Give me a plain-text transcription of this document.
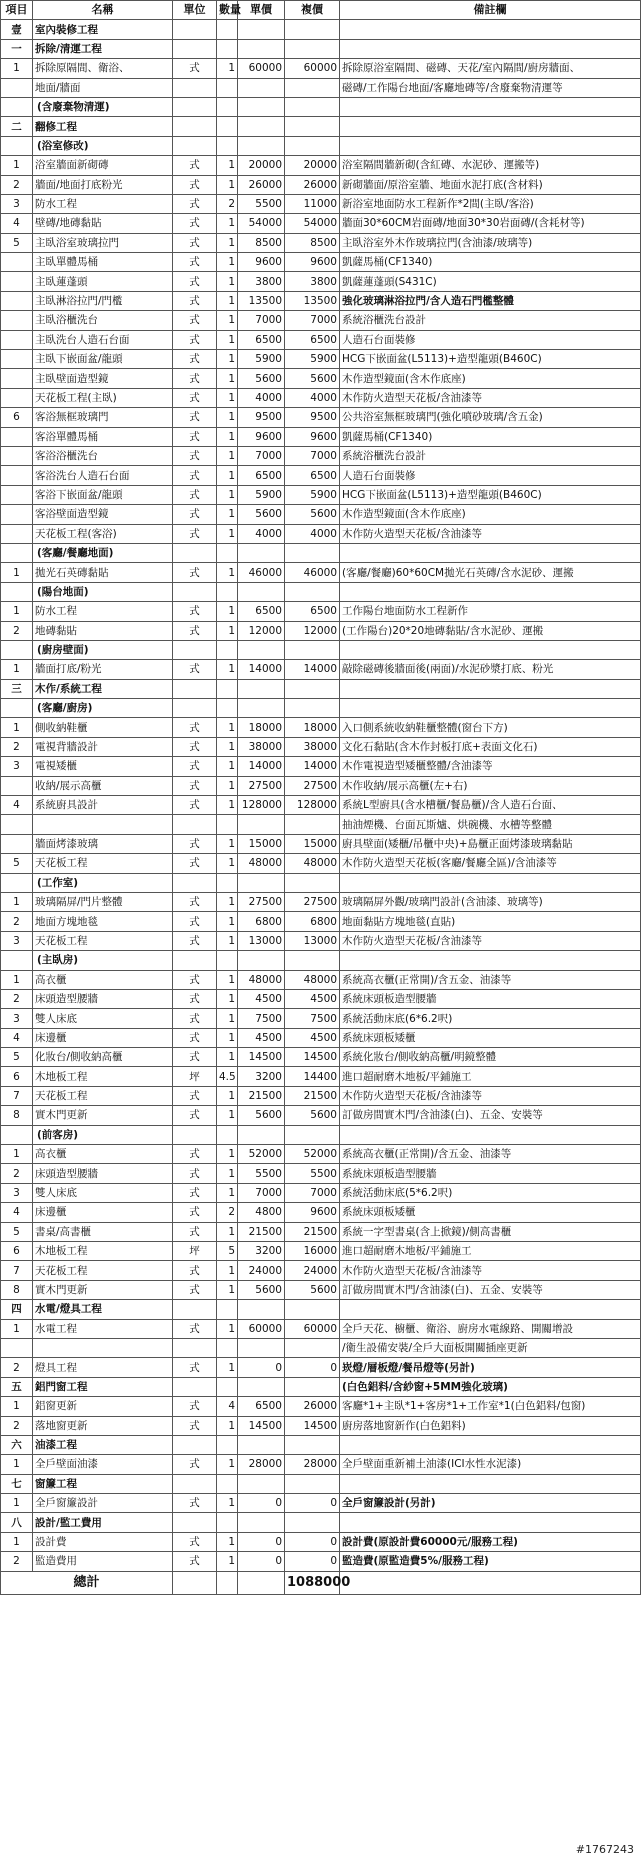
項目	名稱	單位	數量	單價	複價	備註欄
壹	室內裝修工程					
一	拆除/清運工程					
1	拆除原隔間、衛浴、	式	1	60000	60000	拆除原浴室隔間、磁磚、天花/室內隔間/廚房牆面、
	地面/牆面					磁磚/工作陽台地面/客廳地磚等/含廢棄物清運等
	(含廢棄物清運)					
二	翻修工程					
	(浴室修改)					
1	浴室牆面新砌磚	式	1	20000	20000	浴室隔間牆新砌(含紅磚、水泥砂、運搬等)
2	牆面/地面打底粉光	式	1	26000	26000	新砌牆面/原浴室牆、地面水泥打底(含材料)
3	防水工程	式	2	5500	11000	新浴室地面防水工程新作*2間(主臥/客浴)
4	壁磚/地磚黏貼	式	1	54000	54000	牆面30*60CM岩面磚/地面30*30岩面磚/(含耗材等)
5	主臥浴室玻璃拉門	式	1	8500	8500	主臥浴室外木作玻璃拉門(含油漆/玻璃等)
	主臥單體馬桶	式	1	9600	9600	凱薩馬桶(CF1340)
	主臥蓮蓬頭	式	1	3800	3800	凱薩蓮蓬頭(S431C)
	主臥淋浴拉門/門檻	式	1	13500	13500	強化玻璃淋浴拉門/含人造石門檻整體
	主臥浴櫃洗台	式	1	7000	7000	系統浴櫃洗台設計
	主臥洗台人造石台面	式	1	6500	6500	人造石台面裝修
	主臥下嵌面盆/龍頭	式	1	5900	5900	HCG下嵌面盆(L5113)+造型龍頭(B460C)
	主臥壁面造型鏡	式	1	5600	5600	木作造型鏡面(含木作底座)
	天花板工程(主臥)	式	1	4000	4000	木作防火造型天花板/含油漆等
6	客浴無框玻璃門	式	1	9500	9500	公共浴室無框玻璃門(強化噴砂玻璃/含五金)
	客浴單體馬桶	式	1	9600	9600	凱薩馬桶(CF1340)
	客浴浴櫃洗台	式	1	7000	7000	系統浴櫃洗台設計
	客浴洗台人造石台面	式	1	6500	6500	人造石台面裝修
	客浴下嵌面盆/龍頭	式	1	5900	5900	HCG下嵌面盆(L5113)+造型龍頭(B460C)
	客浴壁面造型鏡	式	1	5600	5600	木作造型鏡面(含木作底座)
	天花板工程(客浴)	式	1	4000	4000	木作防火造型天花板/含油漆等
	(客廳/餐廳地面)					
1	拋光石英磚黏貼	式	1	46000	46000	(客廳/餐廳)60*60CM拋光石英磚/含水泥砂、運搬
	(陽台地面)					
1	防水工程	式	1	6500	6500	工作陽台地面防水工程新作
2	地磚黏貼	式	1	12000	12000	(工作陽台)20*20地磚黏貼/含水泥砂、運搬
	(廚房壁面)					
1	牆面打底/粉光	式	1	14000	14000	敲除磁磚後牆面後(兩面)/水泥砂漿打底、粉光
三	木作/系統工程					
	(客廳/廚房)					
1	側收納鞋櫃	式	1	18000	18000	入口側系統收納鞋櫃整體(窗台下方)
2	電視背牆設計	式	1	38000	38000	文化石黏貼(含木作封板打底+表面文化石)
3	電視矮櫃	式	1	14000	14000	木作電視造型矮櫃整體/含油漆等
	收納/展示高櫃	式	1	27500	27500	木作收納/展示高櫃(左+右)
4	系統廚具設計	式	1	128000	128000	系統L型廚具(含水槽櫃/餐島櫃)/含人造石台面、
						抽油煙機、台面瓦斯爐、烘碗機、水槽等整體
	牆面烤漆玻璃	式	1	15000	15000	廚具壁面(矮櫃/吊櫃中央)+島櫃正面烤漆玻璃黏貼
5	天花板工程	式	1	48000	48000	木作防火造型天花板(客廳/餐廳全區)/含油漆等
	(工作室)					
1	玻璃隔屏/門片整體	式	1	27500	27500	玻璃隔屏外觀/玻璃門設計(含油漆、玻璃等)
2	地面方塊地毯	式	1	6800	6800	地面黏貼方塊地毯(直貼)
3	天花板工程	式	1	13000	13000	木作防火造型天花板/含油漆等
	(主臥房)					
1	高衣櫃	式	1	48000	48000	系統高衣櫃(正常開)/含五金、油漆等
2	床頭造型腰牆	式	1	4500	4500	系統床頭板造型腰牆
3	雙人床底	式	1	7500	7500	系統活動床底(6*6.2呎)
4	床邊櫃	式	1	4500	4500	系統床頭板矮櫃
5	化妝台/側收納高櫃	式	1	14500	14500	系統化妝台/側收納高櫃/明鏡整體
6	木地板工程	坪	4.5	3200	14400	進口超耐磨木地板/平鋪施工
7	天花板工程	式	1	21500	21500	木作防火造型天花板/含油漆等
8	實木門更新	式	1	5600	5600	訂做房間實木門/含油漆(白)、五金、安裝等
	(前客房)					
1	高衣櫃	式	1	52000	52000	系統高衣櫃(正常開)/含五金、油漆等
2	床頭造型腰牆	式	1	5500	5500	系統床頭板造型腰牆
3	雙人床底	式	1	7000	7000	系統活動床底(5*6.2呎)
4	床邊櫃	式	2	4800	9600	系統床頭板矮櫃
5	書桌/高書櫃	式	1	21500	21500	系統一字型書桌(含上掀鏡)/側高書櫃
6	木地板工程	坪	5	3200	16000	進口超耐磨木地板/平鋪施工
7	天花板工程	式	1	24000	24000	木作防火造型天花板/含油漆等
8	實木門更新	式	1	5600	5600	訂做房間實木門/含油漆(白)、五金、安裝等
四	水電/燈具工程					
1	水電工程	式	1	60000	60000	全戶天花、櫥櫃、衛浴、廚房水電線路、開關增設
						/衛生設備安裝/全戶大面板開關插座更新
2	燈具工程	式	1	0	0	崁燈/層板燈/餐吊燈等(另計)
五	鋁門窗工程					(白色鋁料/含紗窗+5MM強化玻璃)
1	鋁窗更新	式	4	6500	26000	客廳*1+主臥*1+客房*1+工作室*1(白色鋁料/包窗)
2	落地窗更新	式	1	14500	14500	廚房落地窗新作(白色鋁料)
六	油漆工程					
1	全戶壁面油漆	式	1	28000	28000	全戶壁面重新補土油漆(ICI水性水泥漆)
七	窗簾工程					
1	全戶窗簾設計	式	1	0	0	全戶窗簾設計(另計)
八	設計/監工費用					
1	設計費	式	1	0	0	設計費(原設計費60000元/服務工程)
2	監造費用	式	1	0	0	監造費(原監造費5%/服務工程)
總計					1088000	
#1767243
